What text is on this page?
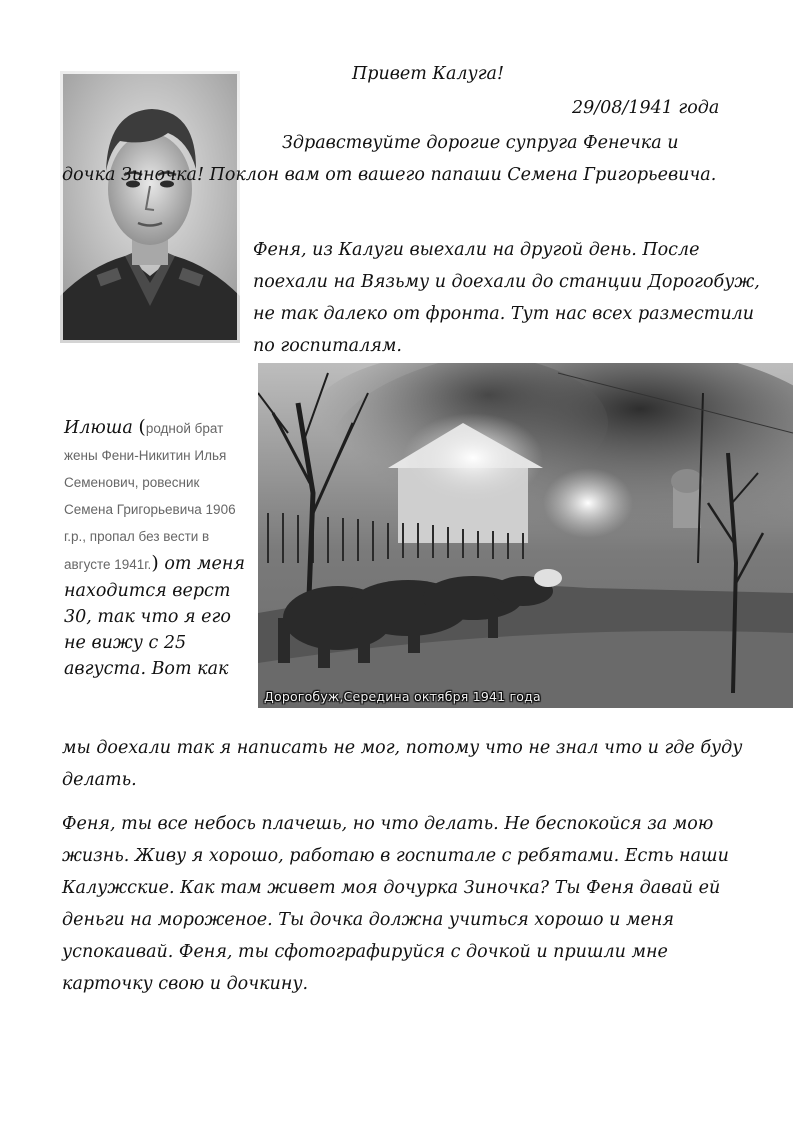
Привет Калуга!
29/08/1941 года
Здравствуйте дорогие супруга Фенечка и дочка Зиночка! Поклон вам от вашего папаши Семена Григорьевича.
Феня, из Калуги выехали на другой день. После поехали на Вязьму и доехали до станции Дорогобуж, не так далеко от фронта. Тут нас всех разместили по госпиталям.
Дорогобуж,Середина октября 1941 года
Илюша (родной брат жены Фени-Никитин Илья Семенович, ровесник Семена Григорьевича 1906 г.р., пропал без вести в августе 1941г.) от меня находится верст 30, так что я его не вижу с 25 августа. Вот как
мы доехали так я написать не мог, потому что не знал что и где буду делать.
Феня, ты все небось плачешь, но что делать. Не беспокойся за мою жизнь. Живу я хорошо, работаю в госпитале с ребятами. Есть наши Калужские. Как там живет моя дочурка Зиночка? Ты Феня давай ей деньги на мороженое. Ты дочка должна учиться хорошо и меня успокаивай. Феня, ты сфотографируйся с дочкой и пришли мне карточку свою и дочкину.
